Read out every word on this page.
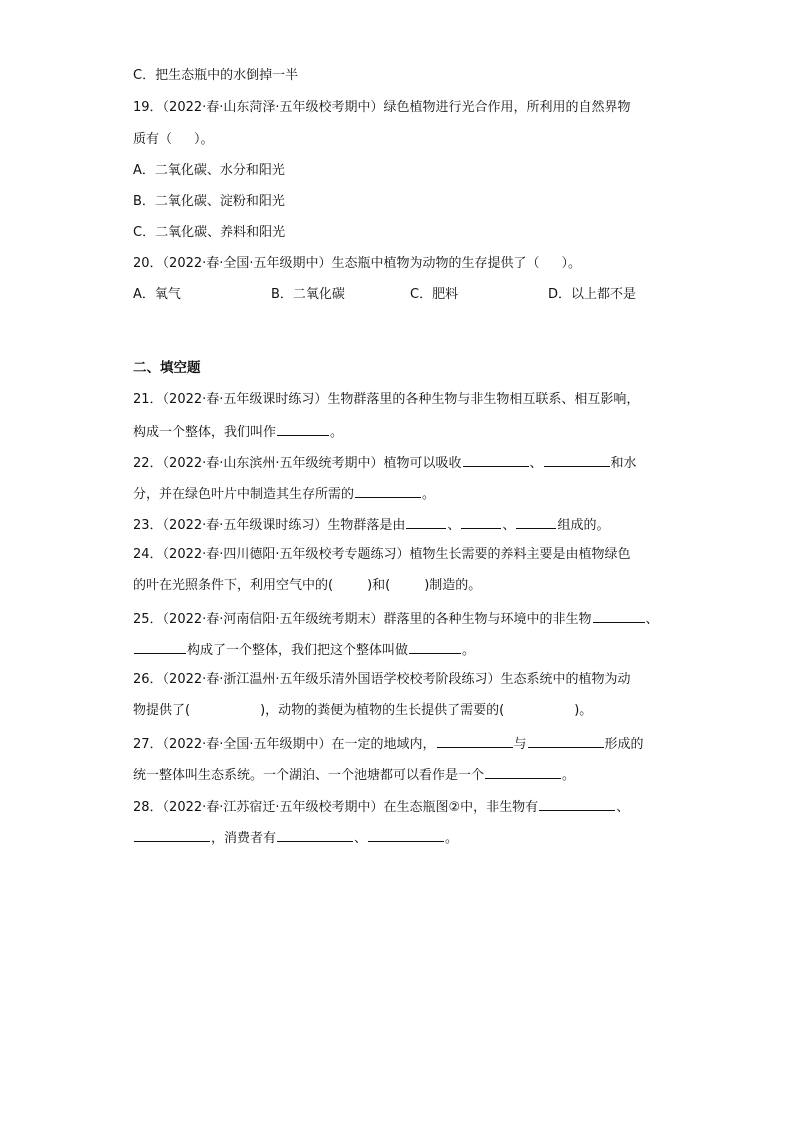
C．把生态瓶中的水倒掉一半
19．（2022·春·山东菏泽·五年级校考期中）绿色植物进行光合作用，所利用的自然界物
质有（ ）。
A．二氧化碳、水分和阳光
B．二氧化碳、淀粉和阳光
C．二氧化碳、养料和阳光
20．（2022·春·全国·五年级期中）生态瓶中植物为动物的生存提供了（ ）。
A．氧气	B．二氧化碳	C．肥料	D．以上都不是
二、填空题
21．（2022·春·五年级课时练习）生物群落里的各种生物与非生物相互联系、相互影响，
构成一个整体，我们叫作	。
22．（2022·春·山东滨州·五年级统考期中）植物可以吸收	、	和水
分，并在绿色叶片中制造其生存所需的	。
23．（2022·春·五年级课时练习）生物群落是由	、	、	组成的。
24．（2022·春·四川德阳·五年级校考专题练习）植物生长需要的养料主要是由植物绿色
的叶在光照条件下，利用空气中的(	)和(	)制造的。
25．（2022·春·河南信阳·五年级统考期末）群落里的各种生物与环境中的非生物	、
构成了一个整体，我们把这个整体叫做	。
26．（2022·春·浙江温州·五年级乐清外国语学校校考阶段练习）生态系统中的植物为动
物提供了(	)，动物的粪便为植物的生长提供了需要的(	)。
27．（2022·春·全国·五年级期中）在一定的地域内，	与	形成的
统一整体叫生态系统。一个湖泊、一个池塘都可以看作是一个	。
28．（2022·春·江苏宿迁·五年级校考期中）在生态瓶图②中，非生物有	、
，消费者有	、	。
